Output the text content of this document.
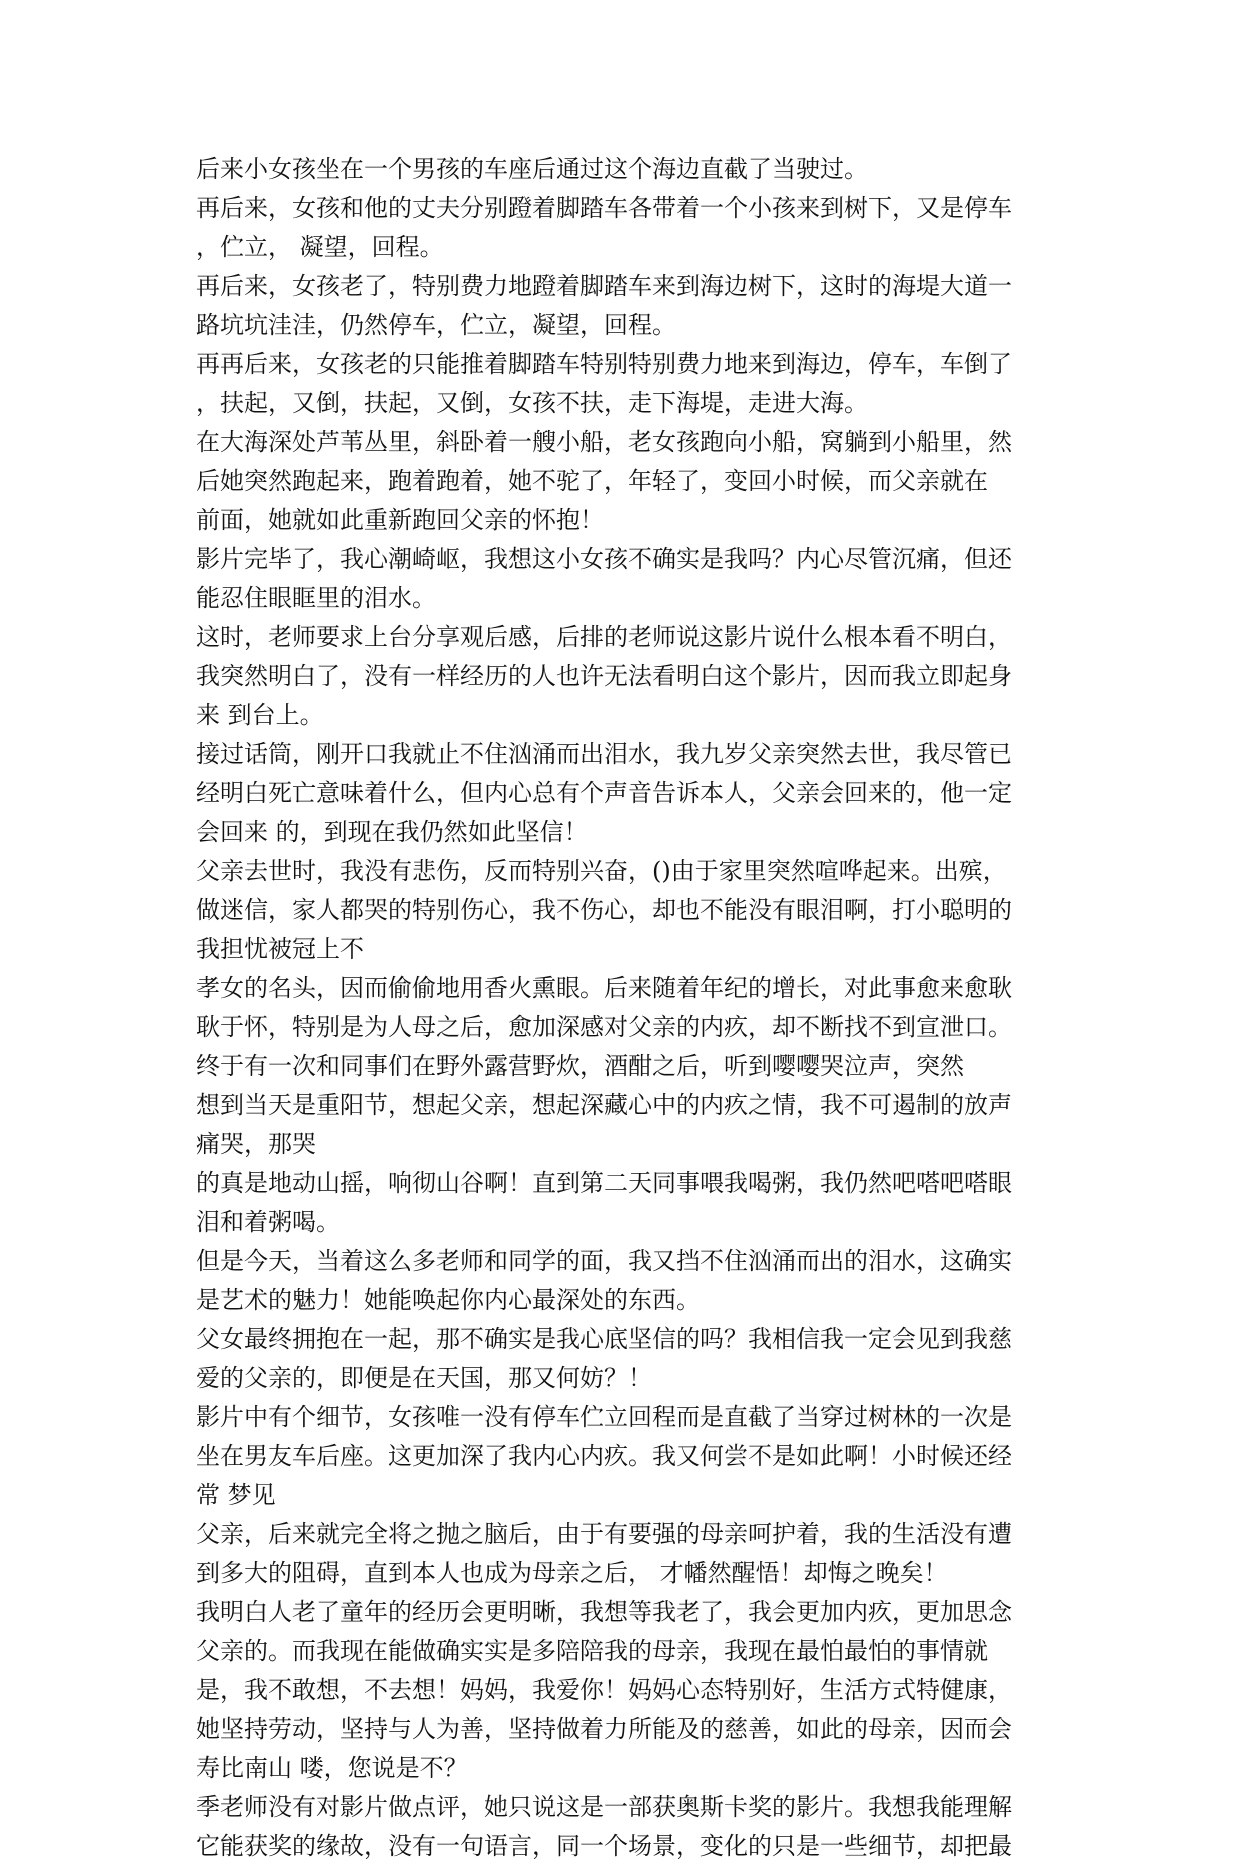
后来小女孩坐在一个男孩的车座后通过这个海边直截了当驶过。
再后来，女孩和他的丈夫分别蹬着脚踏车各带着一个小孩来到树下，又是停车
，伫立， 凝望，回程。
再后来，女孩老了，特别费力地蹬着脚踏车来到海边树下，这时的海堤大道一
路坑坑洼洼，仍然停车，伫立，凝望，回程。
再再后来，女孩老的只能推着脚踏车特别特别费力地来到海边，停车，车倒了
，扶起，又倒，扶起，又倒，女孩不扶，走下海堤，走进大海。
在大海深处芦苇丛里，斜卧着一艘小船，老女孩跑向小船，窝躺到小船里，然
后她突然跑起来，跑着跑着，她不驼了，年轻了，变回小时候，而父亲就在
前面，她就如此重新跑回父亲的怀抱！
影片完毕了，我心潮崎岖，我想这小女孩不确实是我吗？内心尽管沉痛，但还
能忍住眼眶里的泪水。
这时，老师要求上台分享观后感，后排的老师说这影片说什么根本看不明白，
我突然明白了，没有一样经历的人也许无法看明白这个影片，因而我立即起身
来 到台上。
接过话筒，刚开口我就止不住汹涌而出泪水，我九岁父亲突然去世，我尽管已
经明白死亡意味着什么，但内心总有个声音告诉本人，父亲会回来的，他一定
会回来 的，到现在我仍然如此坚信！
父亲去世时，我没有悲伤，反而特别兴奋，()由于家里突然喧哗起来。出殡，
做迷信，家人都哭的特别伤心，我不伤心，却也不能没有眼泪啊，打小聪明的
我担忧被冠上不
孝女的名头，因而偷偷地用香火熏眼。后来随着年纪的增长，对此事愈来愈耿
耿于怀，特别是为人母之后，愈加深感对父亲的内疚，却不断找不到宣泄口。
终于有一次和同事们在野外露营野炊，酒酣之后，听到嘤嘤哭泣声，突然
想到当天是重阳节，想起父亲，想起深藏心中的内疚之情，我不可遏制的放声
痛哭，那哭
的真是地动山摇，响彻山谷啊！直到第二天同事喂我喝粥，我仍然吧嗒吧嗒眼
泪和着粥喝。
但是今天，当着这么多老师和同学的面，我又挡不住汹涌而出的泪水，这确实
是艺术的魅力！她能唤起你内心最深处的东西。
父女最终拥抱在一起，那不确实是我心底坚信的吗？我相信我一定会见到我慈
爱的父亲的，即便是在天国，那又何妨？！
影片中有个细节，女孩唯一没有停车伫立回程而是直截了当穿过树林的一次是
坐在男友车后座。这更加深了我内心内疚。我又何尝不是如此啊！小时候还经
常 梦见
父亲，后来就完全将之抛之脑后，由于有要强的母亲呵护着，我的生活没有遭
到多大的阻碍，直到本人也成为母亲之后， 才幡然醒悟！却悔之晚矣！
我明白人老了童年的经历会更明晰，我想等我老了，我会更加内疚，更加思念
父亲的。而我现在能做确实实是多陪陪我的母亲，我现在最怕最怕的事情就
是，我不敢想，不去想！妈妈，我爱你！妈妈心态特别好，生活方式特健康，
她坚持劳动，坚持与人为善，坚持做着力所能及的慈善，如此的母亲，因而会
寿比南山 喽，您说是不？
季老师没有对影片做点评，她只说这是一部获奥斯卡奖的影片。我想我能理解
它能获奖的缘故，没有一句语言，同一个场景，变化的只是一些细节，却把最
